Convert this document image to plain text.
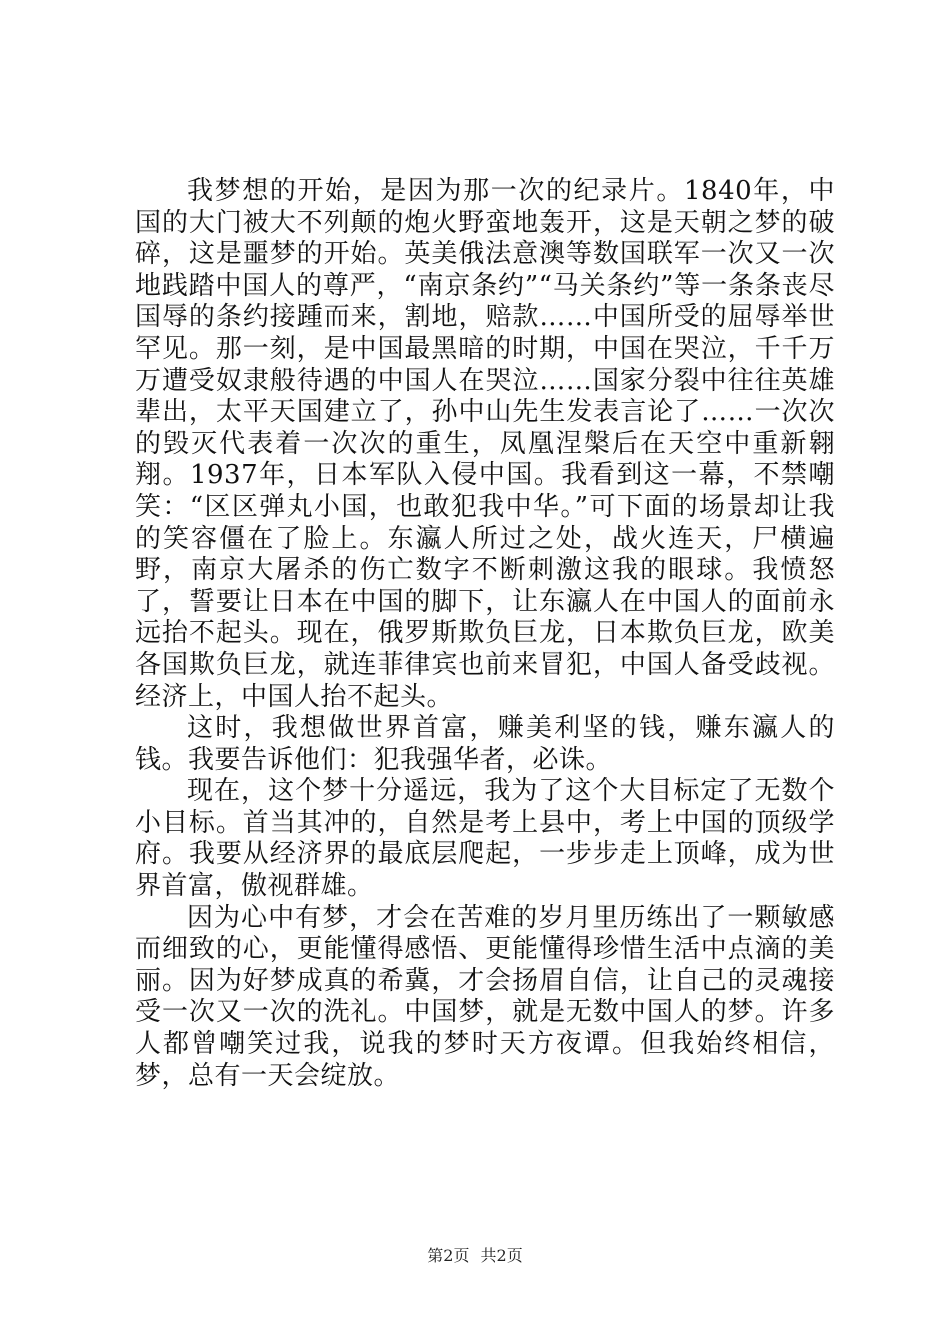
我梦想的开始，是因为那一次的纪录片。1840年，中国的大门被大不列颠的炮火野蛮地轰开，这是天朝之梦的破碎，这是噩梦的开始。英美俄法意澳等数国联军一次又一次地践踏中国人的尊严，“南京条约”“马关条约”等一条条丧尽国辱的条约接踵而来，割地，赔款……中国所受的屈辱举世罕见。那一刻，是中国最黑暗的时期，中国在哭泣，千千万万遭受奴隶般待遇的中国人在哭泣……国家分裂中往往英雄辈出，太平天国建立了，孙中山先生发表言论了……一次次的毁灭代表着一次次的重生，凤凰涅槃后在天空中重新翱翔。1937年，日本军队入侵中国。我看到这一幕，不禁嘲笑：“区区弹丸小国，也敢犯我中华。”可下面的场景却让我的笑容僵在了脸上。东瀛人所过之处，战火连天，尸横遍野，南京大屠杀的伤亡数字不断刺激这我的眼球。我愤怒了，誓要让日本在中国的脚下，让东瀛人在中国人的面前永远抬不起头。现在，俄罗斯欺负巨龙，日本欺负巨龙，欧美各国欺负巨龙，就连菲律宾也前来冒犯，中国人备受歧视。经济上，中国人抬不起头。

这时，我想做世界首富，赚美利坚的钱，赚东瀛人的钱。我要告诉他们：犯我强华者，必诛。

现在，这个梦十分遥远，我为了这个大目标定了无数个小目标。首当其冲的，自然是考上县中，考上中国的顶级学府。我要从经济界的最底层爬起，一步步走上顶峰，成为世界首富，傲视群雄。

因为心中有梦，才会在苦难的岁月里历练出了一颗敏感而细致的心，更能懂得感悟、更能懂得珍惜生活中点滴的美丽。因为好梦成真的希冀，才会扬眉自信，让自己的灵魂接受一次又一次的洗礼。中国梦，就是无数中国人的梦。许多人都曾嘲笑过我，说我的梦时天方夜谭。但我始终相信，梦，总有一天会绽放。

第2页 共2页
